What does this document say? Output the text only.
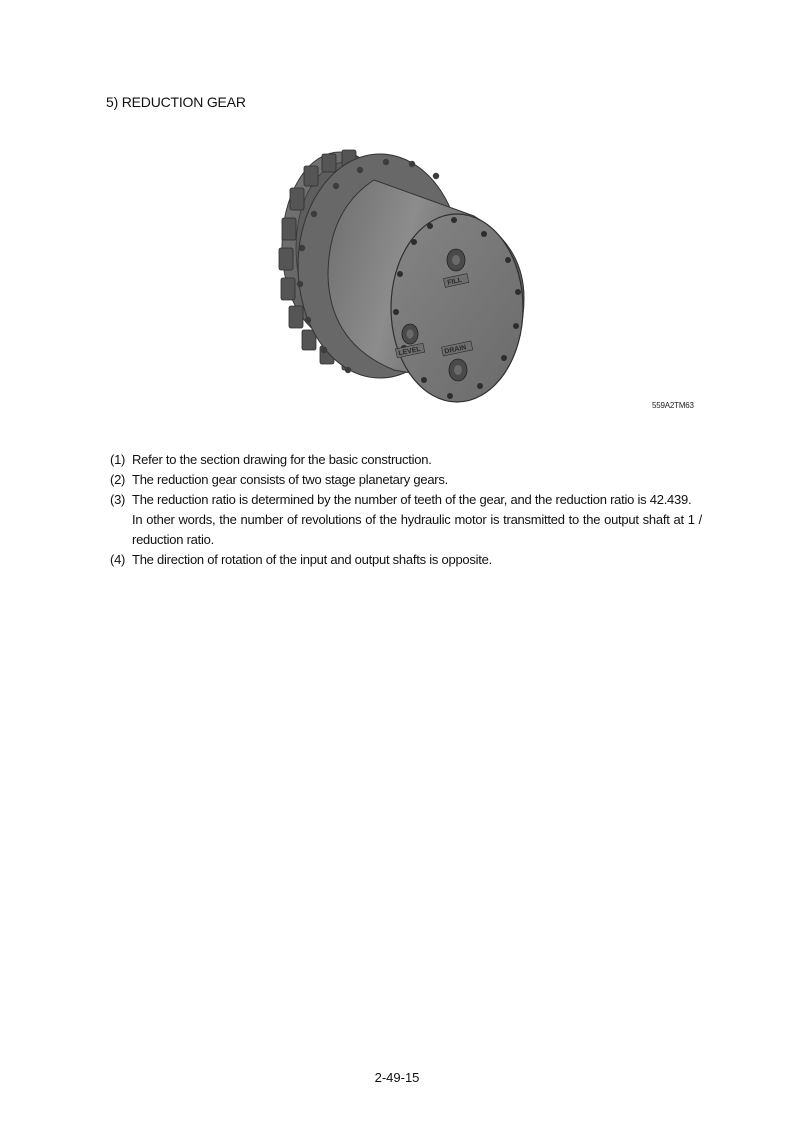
5) REDUCTION GEAR
FILL
LEVEL	DRAIN
559A2TM63
(1) Refer to the section drawing for the basic construction.
(2) The reduction gear consists of two stage planetary gears.
(3) The reduction ratio is determined by the number of teeth of the gear, and the reduction ratio is 42.439.
In other words, the number of revolutions of the hydraulic motor is transmitted to the output shaft at 1 / reduction ratio.
(4) The direction of rotation of the input and output shafts is opposite.
2-49-15
